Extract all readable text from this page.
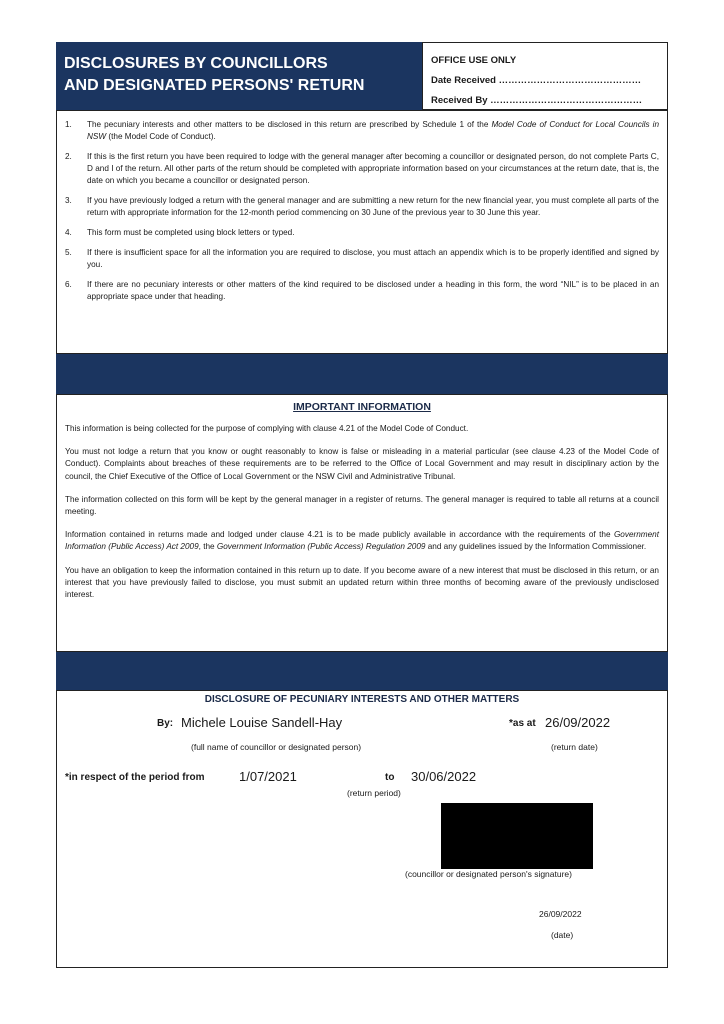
DISCLOSURES BY COUNCILLORS
AND DESIGNATED PERSONS' RETURN
OFFICE USE ONLY
Date Received ………………………………………
Received By …………………………………………
1.	The pecuniary interests and other matters to be disclosed in this return are prescribed by Schedule 1 of the Model Code of Conduct for Local Councils in NSW (the Model Code of Conduct).
2.	If this is the first return you have been required to lodge with the general manager after becoming a councillor or designated person, do not complete Parts C, D and I of the return. All other parts of the return should be completed with appropriate information based on your circumstances at the return date, that is, the date on which you became a councillor or designated person.
3.	If you have previously lodged a return with the general manager and are submitting a new return for the new financial year, you must complete all parts of the return with appropriate information for the 12-month period commencing on 30 June of the previous year to 30 June this year.
4.	This form must be completed using block letters or typed.
5.	If there is insufficient space for all the information you are required to disclose, you must attach an appendix which is to be properly identified and signed by you.
6.	If there are no pecuniary interests or other matters of the kind required to be disclosed under a heading in this form, the word “NIL” is to be placed in an appropriate space under that heading.
IMPORTANT INFORMATION
This information is being collected for the purpose of complying with clause 4.21 of the Model Code of Conduct.
You must not lodge a return that you know or ought reasonably to know is false or misleading in a material particular (see clause 4.23 of the Model Code of Conduct). Complaints about breaches of these requirements are to be referred to the Office of Local Government and may result in disciplinary action by the council, the Chief Executive of the Office of Local Government or the NSW Civil and Administrative Tribunal.
The information collected on this form will be kept by the general manager in a register of returns. The general manager is required to table all returns at a council meeting.
Information contained in returns made and lodged under clause 4.21 is to be made publicly available in accordance with the requirements of the Government Information (Public Access) Act 2009, the Government Information (Public Access) Regulation 2009 and any guidelines issued by the Information Commissioner.
You have an obligation to keep the information contained in this return up to date. If you become aware of a new interest that must be disclosed in this return, or an interest that you have previously failed to disclose, you must submit an updated return within three months of becoming aware of the previously undisclosed interest.
DISCLOSURE OF PECUNIARY INTERESTS AND OTHER MATTERS
By: Michele Louise Sandell-Hay	*as at 26/09/2022
(full name of councillor or designated person)	(return date)
*in respect of the period from	1/07/2021	to 30/06/2022
(return period)
(councillor or designated person's signature)
26/09/2022
(date)
